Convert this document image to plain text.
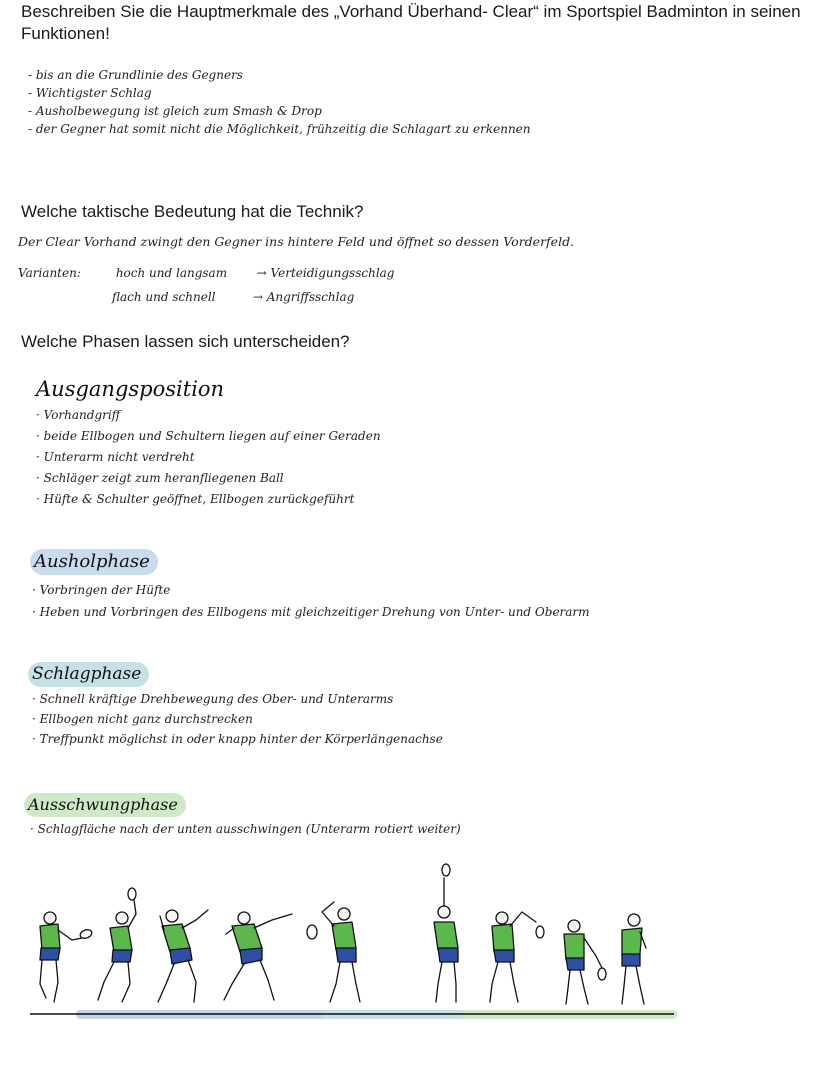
Beschreiben Sie die Hauptmerkmale des „Vorhand Überhand- Clear“ im Sportspiel Badminton in seinen Funktionen!
- bis an die Grundlinie des Gegners
- Wichtigster Schlag
- Ausholbewegung ist gleich zum Smash & Drop
- der Gegner hat somit nicht die Möglichkeit, frühzeitig die Schlagart zu erkennen
Welche taktische Bedeutung hat die Technik?

Der Clear Vorhand zwingt den Gegner ins hintere Feld und öffnet so dessen Vorderfeld.

Varianten:	hoch und langsam → Verteidigungsschlag
flach und schnell	→ Angriffsschlag
Welche Phasen lassen sich unterscheiden?

Ausgangsposition

· Vorhandgriff
· beide Ellbogen und Schultern liegen auf einer Geraden
· Unterarm nicht verdreht
· Schläger zeigt zum heranfliegenen Ball
· Hüfte & Schulter geöffnet, Ellbogen zurückgeführt

Ausholphase

· Vorbringen der Hüfte
· Heben und Vorbringen des Ellbogens mit gleichzeitiger Drehung von Unter- und Oberarm

Schlagphase

· Schnell kräftige Drehbewegung des Ober- und Unterarms
· Ellbogen nicht ganz durchstrecken
· Treffpunkt möglichst in oder knapp hinter der Körperlängenachse

Ausschwungphase

· Schlagfläche nach der unten ausschwingen (Unterarm rotiert weiter)
